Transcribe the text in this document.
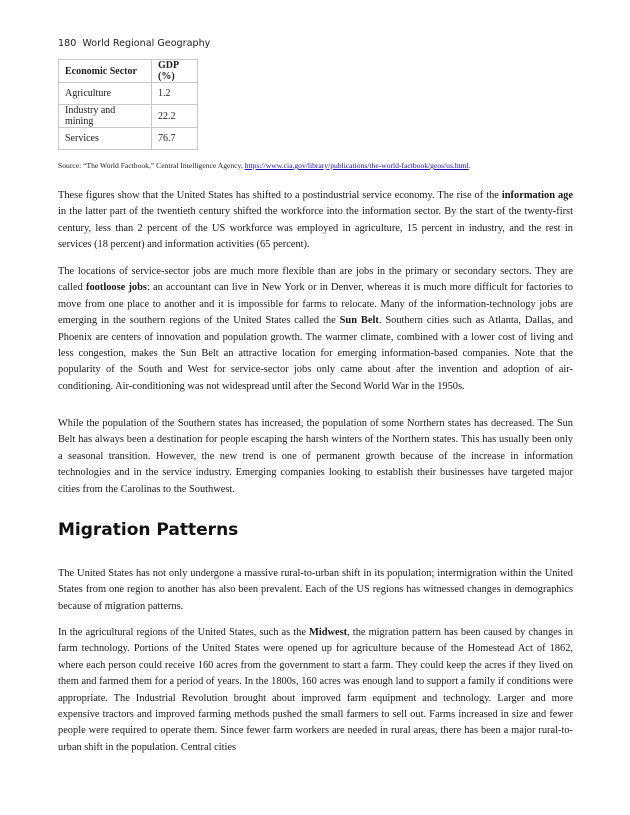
180 World Regional Geography
Economic Sector	GDP (%)
Agriculture	1.2
Industry and mining	22.2
Services	76.7
Source: “The World Factbook,” Central Intelligence Agency, https://www.cia.gov/library/publications/the-world-factbook/geos/us.html.

These figures show that the United States has shifted to a postindustrial service economy. The rise of the information age in the latter part of the twentieth century shifted the workforce into the information sector. By the start of the twenty-first century, less than 2 percent of the US workforce was employed in agriculture, 15 percent in industry, and the rest in services (18 percent) and information activities (65 percent).

The locations of service-sector jobs are much more flexible than are jobs in the primary or secondary sectors. They are called footloose jobs: an accountant can live in New York or in Denver, whereas it is much more difficult for factories to move from one place to another and it is impossible for farms to relocate. Many of the information-technology jobs are emerging in the southern regions of the United States called the Sun Belt. Southern cities such as Atlanta, Dallas, and Phoenix are centers of innovation and population growth. The warmer climate, combined with a lower cost of living and less congestion, makes the Sun Belt an attractive location for emerging information-based companies. Note that the popularity of the South and West for service-sector jobs only came about after the invention and adoption of air-conditioning. Air-conditioning was not widespread until after the Second World War in the 1950s.

While the population of the Southern states has increased, the population of some Northern states has decreased. The Sun Belt has always been a destination for people escaping the harsh winters of the Northern states. This has usually been only a seasonal transition. However, the new trend is one of permanent growth because of the increase in information technologies and in the service industry. Emerging companies looking to establish their businesses have targeted major cities from the Carolinas to the Southwest.

Migration Patterns

The United States has not only undergone a massive rural-to-urban shift in its population; intermigration within the United States from one region to another has also been prevalent. Each of the US regions has witnessed changes in demographics because of migration patterns.

In the agricultural regions of the United States, such as the Midwest, the migration pattern has been caused by changes in farm technology. Portions of the United States were opened up for agriculture because of the Homestead Act of 1862, where each person could receive 160 acres from the government to start a farm. They could keep the acres if they lived on them and farmed them for a period of years. In the 1800s, 160 acres was enough land to support a family if conditions were appropriate. The Industrial Revolution brought about improved farm equipment and technology. Larger and more expensive tractors and improved farming methods pushed the small farmers to sell out. Farms increased in size and fewer people were required to operate them. Since fewer farm workers are needed in rural areas, there has been a major rural-to-urban shift in the population. Central cities
